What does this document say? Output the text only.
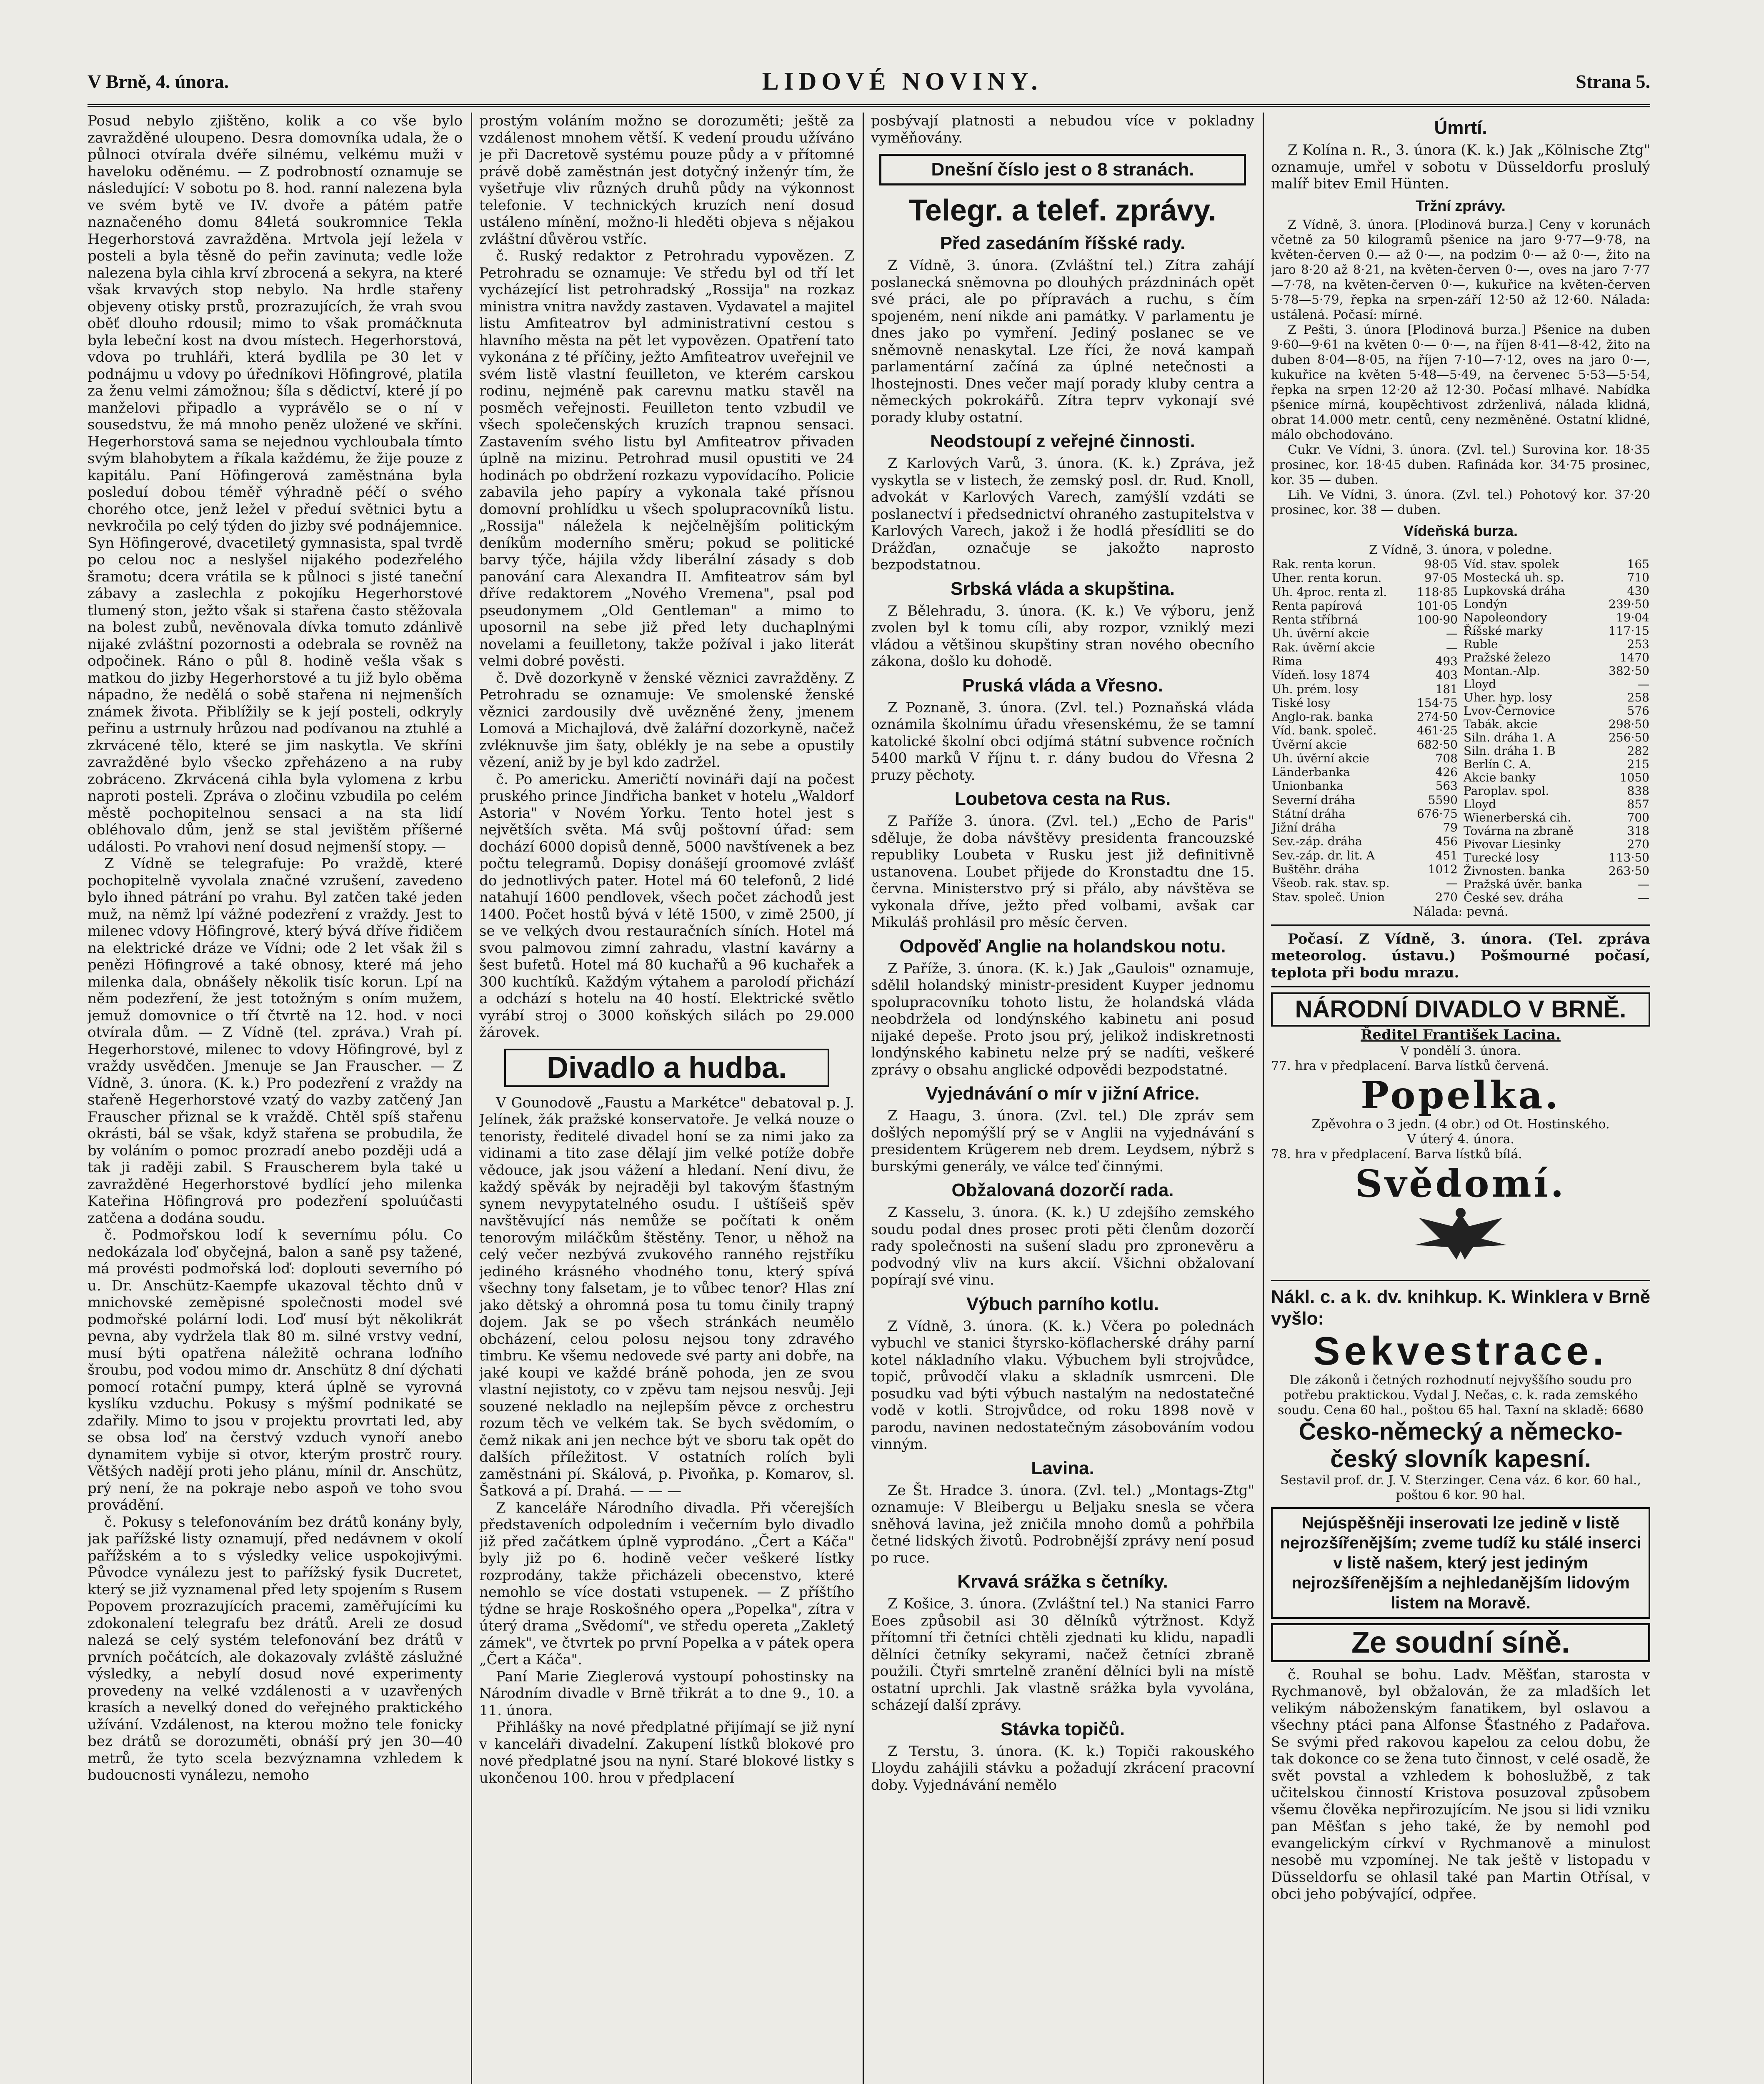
V Brně, 4. února.	LIDOVÉ NOVINY.	Strana 5.

Posud nebylo zjištěno, kolik a co vše bylo zavražděné uloupeno. Desra domovníka udala, že o půlnoci otvírala dvéře silnému, velkému muži v haveloku oděnému. — Z podrobností oznamuje se následující: V sobotu po 8. hod. ranní nalezena byla ve svém bytě ve IV. dvoře a pátém patře naznačeného domu 84letá soukromnice Tekla Hegerhorstová zavražděna. Mrtvola její ležela v posteli a byla těsně do peřin zavinuta; vedle lože nalezena byla cihla krví zbrocená a sekyra, na které však krvavých stop nebylo. Na hrdle stařeny objeveny otisky prstů, prozrazujících, že vrah svou oběť dlouho rdousil; mimo to však promáčknuta byla lebeční kost na dvou místech. Hegerhorstová, vdova po truhláři, která bydlila pe 30 let v podnájmu u vdovy po úředníkovi Höfingrové, platila za ženu velmi zámožnou; šíla s dědictví, které jí po manželovi připadlo a vyprávělo se o ní v sousedstvu, že má mnoho peněz uložené ve skříni. Hegerhorstová sama se nejednou vychloubala tímto svým blahobytem a říkala každému, že žije pouze z kapitálu. Paní Höfingerová zaměstnána byla posleduí dobou téměř výhradně péčí o svého chorého otce, jenž ležel v předuí světnici bytu a nevkročila po celý týden do jizby své podnájemnice. Syn Höfingerové, dvacetiletý gymnasista, spal tvrdě po celou noc a neslyšel nijakého podezřelého šramotu; dcera vrátila se k půlnoci s jisté taneční zábavy a zaslechla z pokojíku Hegerhorstové tlumený ston, ježto však si stařena často stěžovala na bolest zubů, nevěnovala dívka tomuto zdánlivě nijaké zvláštní pozornosti a odebrala se rovněž na odpočinek. Ráno o půl 8. hodině vešla však s matkou do jizby Hegerhorstové a tu již bylo oběma nápadno, že nedělá o sobě stařena ni nejmenších známek života. Přiblížily se k její posteli, odkryly peřinu a ustrnuly hrůzou nad podívanou na ztuhlé a zkrvácené tělo, které se jim naskytla. Ve skříni zavražděné bylo všecko zpřeházeno a na ruby zobráceno. Zkrvácená cihla byla vylomena z krbu naproti posteli. Zpráva o zločinu vzbudila po celém městě pochopitelnou sensaci a na sta lidí obléhovalo dům, jenž se stal jevištěm příšerné události. Po vrahovi není dosud nejmenší stopy. —

Z Vídně se telegrafuje: Po vraždě, které pochopitelně vyvolala značné vzrušení, zavedeno bylo ihned pátrání po vrahu. Byl zatčen také jeden muž, na němž lpí vážné podezření z vraždy. Jest to milenec vdovy Höfingrové, který bývá dříve řidičem na elektrické dráze ve Vídni; ode 2 let však žil s penězi Höfingrové a také obnosy, které má jeho milenka dala, obnášely několik tisíc korun. Lpí na něm podezření, že jest totožným s oním mužem, jemuž domovnice o tří čtvrtě na 12. hod. v noci otvírala dům. — Z Vídně (tel. zpráva.) Vrah pí. Hegerhorstové, milenec to vdovy Höfingrové, byl z vraždy usvědčen. Jmenuje se Jan Frauscher. — Z Vídně, 3. února. (K. k.) Pro podezření z vraždy na stařeně Hegerhorstové vzatý do vazby zatčený Jan Frauscher přiznal se k vraždě. Chtěl spíš stařenu okrásti, bál se však, když stařena se probudila, že by voláním o pomoc prozradí anebo později udá a tak ji raději zabil. S Frauscherem byla také u zavražděné Hegerhorstové bydlící jeho milenka Kateřina Höfingrová pro podezření spoluúčasti zatčena a dodána soudu.

č. Podmořskou lodí k severnímu pólu. Co nedokázala loď obyčejná, balon a saně psy tažené, má provésti podmořská loď: doplouti severního pó u. Dr. Anschütz-Kaempfe ukazoval těchto dnů v mnichovské zeměpisné společnosti model své podmořské polární lodi. Loď musí být několikrát pevna, aby vydržela tlak 80 m. silné vrstvy vední, musí býti opatřena náležitě ochrana loďního šroubu, pod vodou mimo dr. Anschütz 8 dní dýchati pomocí rotační pumpy, která úplně se vyrovná kyslíku vzduchu. Pokusy s mýšmí podnikaté se zdařily. Mimo to jsou v projektu provrtati led, aby se obsa loď na čerstvý vzduch vynoří anebo dynamitem vybije si otvor, kterým prostrč roury. Většých nadějí proti jeho plánu, mínil dr. Anschütz, prý není, že na pokraje nebo aspoň ve toho svou provádění.

č. Pokusy s telefonováním bez drátů konány byly, jak pařížské listy oznamují, před nedávnem v okolí pařížském a to s výsledky velice uspokojivými. Původce vynálezu jest to pařížský fysik Ducretet, který se již vyznamenal před lety spojením s Rusem Popovem prozrazujících pracemi, zaměřujícími ku zdokonalení telegrafu bez drátů. Areli ze dosud nalezá se celý systém telefonování bez drátů v prvních počátcích, ale dokazovaly zvláště záslužné výsledky, a nebylí dosud nové experimenty provedeny na velké vzdálenosti a v uzavřených krasích a nevelký doned do veřejného praktického užívání. Vzdálenost, na kterou možno tele fonicky bez drátů se dorozuměti, obnáší prý jen 30—40 metrů, že tyto scela bezvýznamna vzhledem k budoucnosti vynálezu, nemoho

prostým voláním možno se dorozuměti; ještě za vzdálenost mnohem větší. K vedení proudu užíváno je při Dacretově systému pouze půdy a v přítomné právě době zaměstnán jest dotyčný inženýr tím, že vyšetřuje vliv různých druhů půdy na výkonnost telefonie. V technických kruzích není dosud ustáleno mínění, možno-li hleděti objeva s nějakou zvláštní důvěrou vstříc.

č. Ruský redaktor z Petrohradu vypovězen. Z Petrohradu se oznamuje: Ve středu byl od tří let vycházející list petrohradský „Rossija" na rozkaz ministra vnitra navždy zastaven. Vydavatel a majitel listu Amfiteatrov byl administrativní cestou s hlavního města na pět let vypovězen. Opatření tato vykonána z té příčiny, ježto Amfiteatrov uveřejnil ve svém listě vlastní feuilleton, ve kterém carskou rodinu, nejméně pak carevnu matku stavěl na posměch veřejnosti. Feuilleton tento vzbudil ve všech společenských kruzích trapnou sensaci. Zastavením svého listu byl Amfiteatrov přivaden úplně na mizinu. Petrohrad musil opustiti ve 24 hodinách po obdržení rozkazu vypovídacího. Policie zabavila jeho papíry a vykonala také přísnou domovní prohlídku u všech spolupracovníků listu. „Rossija" náležela k nejčelnějším politickým deníkům moderního směru; pokud se politické barvy týče, hájila vždy liberální zásady s dob panování cara Alexandra II. Amfiteatrov sám byl dříve redaktorem „Nového Vremena", psal pod pseudonymem „Old Gentleman" a mimo to uposornil na sebe již před lety duchaplnými novelami a feuilletony, takže požíval i jako literát velmi dobré pověsti.

č. Dvě dozorkyně v ženské věznici zavražděny. Z Petrohradu se oznamuje: Ve smolenské ženské věznici zardousily dvě uvězněné ženy, jmenem Lomová a Michajlová, dvě žalářní dozorkyně, načež zvléknuvše jim šaty, oblékly je na sebe a opustily vězení, aniž by je byl kdo zadržel.

č. Po americku. Američtí novináři dají na počest pruského prince Jindřicha banket v hotelu „Waldorf Astoria" v Novém Yorku. Tento hotel jest s největších světa. Má svůj poštovní úřad: sem dochází 6000 dopisů denně, 5000 navštívenek a bez počtu telegramů. Dopisy donášejí groomové zvlášť do jednotlivých pater. Hotel má 60 telefonů, 2 lidé natahují 1600 pendlovek, všech počet záchodů jest 1400. Počet hostů bývá v létě 1500, v zimě 2500, jí se ve velkých dvou restauračních síních. Hotel má svou palmovou zimní zahradu, vlastní kavárny a šest bufetů. Hotel má 80 kuchařů a 96 kuchařek a 300 kuchtíků. Každým výtahem a parolodí přichází a odchází s hotelu na 40 hostí. Elektrické světlo vyrábí stroj o 3000 koňských silách po 29.000 žárovek.

Divadlo a hudba.

V Gounodově „Faustu a Markétce" debatoval p. J. Jelínek, žák pražské konservatoře. Je velká nouze o tenoristy, ředitelé divadel honí se za nimi jako za vidinami a tito zase dělají jim velké potíže dobře vědouce, jak jsou vážení a hledaní. Není divu, že každý spěvák by nejraději byl takovým šťastným synem nevypytatelného osudu. I uštíšeiš spěv navštěvující nás nemůže se počítati k oněm tenorovým miláčkům štěstěny. Tenor, u něhož na celý večer nezbývá zvukového ranného rejstříku jediného krásného vhodného tonu, který spívá všechny tony falsetam, je to vůbec tenor? Hlas zní jako dětský a ohromná posa tu tomu činily trapný dojem. Jak se po všech stránkách neumělo obcházení, celou polosu nejsou tony zdravého timbru. Ke všemu nedovede své party ani dobře, na jaké koupi ve každé bráně pohoda, jen ze svou vlastní nejistoty, co v zpěvu tam nejsou nesvůj. Jeji souzené nekladlo na nejlepším pěvce z orchestru rozum těch ve velkém tak. Se bych svědomím, o čemž nikak ani jen nechce být ve sboru tak opět do dalších příležitost. V ostatních rolích byli zaměstnáni pí. Skálová, p. Pivoňka, p. Komarov, sl. Šatková a pí. Drahá. — — —

Z kanceláře Národního divadla. Při včerejších představeních odpoledním i večerním bylo divadlo již před začátkem úplně vyprodáno. „Čert a Káča" byly již po 6. hodině večer veškeré lístky rozprodány, takže přicházeli obecenstvo, které nemohlo se více dostati vstupenek. — Z příštího týdne se hraje Roskošného opera „Popelka", zítra v úterý drama „Svědomí", ve středu opereta „Zakletý zámek", ve čtvrtek po první Popelka a v pátek opera „Čert a Káča".

Paní Marie Zieglerová vystoupí pohostinsky na Národním divadle v Brně třikrát a to dne 9., 10. a 11. února.

Přihlášky na nové předplatné přijímají se již nyní v kanceláři divadelní. Zakupení lístků blokové pro nové předplatné jsou na nyní. Staré blokové listky s ukončenou 100. hrou v předplacení

posbývají platnosti a nebudou více v pokladny vyměňovány.

Dnešní číslo jest o 8 stranách.
Telegr. a telef. zprávy.
Před zasedáním říšské rady.

Z Vídně, 3. února. (Zvláštní tel.) Zítra zahájí poslanecká sněmovna po dlouhých prázdninách opět své práci, ale po přípravách a ruchu, s čím spojeném, není nikde ani památky. V parlamentu je dnes jako po vymření. Jediný poslanec se ve sněmovně nenaskytal. Lze říci, že nová kampaň parlamentární začíná za úplné netečnosti a lhostejnosti. Dnes večer mají porady kluby centra a německých pokrokářů. Zítra teprv vykonají své porady kluby ostatní.

Neodstoupí z veřejné činnosti.

Z Karlových Varů, 3. února. (K. k.) Zpráva, jež vyskytla se v listech, že zemský posl. dr. Rud. Knoll, advokát v Karlových Varech, zamýšlí vzdáti se poslanectví i předsednictví ohraného zastupitelstva v Karlových Varech, jakož i že hodlá přesídliti se do Drážďan, označuje se jakožto naprosto bezpodstatnou.

Srbská vláda a skupština.

Z Bělehradu, 3. února. (K. k.) Ve výboru, jenž zvolen byl k tomu cíli, aby rozpor, vzniklý mezi vládou a většinou skupštiny stran nového obecního zákona, došlo ku dohodě.

Pruská vláda a Vřesno.

Z Poznaně, 3. února. (Zvl. tel.) Poznaňská vláda oznámila školnímu úřadu vřesenskému, že se tamní katolické školní obci odjímá státní subvence ročních 5400 marků V říjnu t. r. dány budou do Vřesna 2 pruzy pěchoty.

Loubetova cesta na Rus.

Z Paříže 3. února. (Zvl. tel.) „Echo de Paris" sděluje, že doba návštěvy presidenta francouzské republiky Loubeta v Rusku jest již definitivně ustanovena. Loubet přijede do Kronstadtu dne 15. června. Ministerstvo prý si přálo, aby návštěva se vykonala dříve, ježto před volbami, avšak car Mikuláš prohlásil pro měsíc červen.

Odpověď Anglie na holandskou notu.

Z Paříže, 3. února. (K. k.) Jak „Gaulois" oznamuje, sdělil holandský ministr-president Kuyper jednomu spolupracovníku tohoto listu, že holandská vláda neobdržela od londýnského kabinetu ani posud nijaké depeše. Proto jsou prý, jelikož indiskretnosti londýnského kabinetu nelze prý se nadíti, veškeré zprávy o obsahu anglické odpovědi bezpodstatné.

Vyjednávání o mír v jižní Africe.

Z Haagu, 3. února. (Zvl. tel.) Dle zpráv sem došlých nepomýšlí prý se v Anglii na vyjednávání s presidentem Krügerem neb drem. Leydsem, nýbrž s burskými generály, ve válce teď činnými.

Obžalovaná dozorčí rada.

Z Kasselu, 3. února. (K. k.) U zdejšího zemského soudu podal dnes prosec proti pěti členům dozorčí rady společnosti na sušení sladu pro zpronevěru a podvodný vliv na kurs akcií. Všichni obžalovaní popírají své vinu.

Výbuch parního kotlu.

Z Vídně, 3. února. (K. k.) Včera po polednách vybuchl ve stanici štyrsko-köflacherské dráhy parní kotel nákladního vlaku. Výbuchem byli strojvůdce, topič, průvodčí vlaku a skladník usmrceni. Dle posudku vad býti výbuch nastalým na nedostatečné vodě v kotli. Strojvůdce, od roku 1898 nově v parodu, navinen nedostatečným zásobováním vodou vinným.

Lavina.

Ze Št. Hradce 3. února. (Zvl. tel.) „Montags-Ztg" oznamuje: V Bleibergu u Beljaku snesla se včera sněhová lavina, jež zničila mnoho domů a pohřbila četné lidských životů. Podrobnější zprávy není posud po ruce.

Krvavá srážka s četníky.

Z Košice, 3. února. (Zvláštní tel.) Na stanici Farro Eoes způsobil asi 30 dělníků výtržnost. Když přítomní tři četníci chtěli zjednati ku klidu, napadli dělníci četníky sekyrami, načež četníci zbraně použili. Čtyři smrtelně zranění dělníci byli na místě ostatní uprchli. Jak vlastně srážka byla vyvolána, scházejí další zprávy.

Stávka topičů.

Z Terstu, 3. února. (K. k.) Topiči rakouského Lloydu zahájili stávku a požadují zkrácení pracovní doby. Vyjednávání nemělo

Úmrtí.

Z Kolína n. R., 3. února (K. k.) Jak „Kölnische Ztg" oznamuje, umřel v sobotu v Düsseldorfu proslulý malíř bitev Emil Hünten.

Tržní zprávy.

Z Vídně, 3. února. [Plodinová burza.] Ceny v korunách včetně za 50 kilogramů pšenice na jaro 9·77—9·78, na květen-červen 0.— až 0·—, na podzim 0·— až 0·—, žito na jaro 8·20 až 8·21, na květen-červen 0·—, oves na jaro 7·77—7·78, na květen-červen 0·—, kukuřice na květen-červen 5·78—5·79, řepka na srpen-září 12·50 až 12·60. Nálada: ustálená. Počasí: mírné.

Z Pešti, 3. února [Plodinová burza.] Pšenice na duben 9·60—9·61 na květen 0·— 0·—, na říjen 8·41—8·42, žito na duben 8·04—8·05, na říjen 7·10—7·12, oves na jaro 0·—, kukuřice na květen 5·48—5·49, na červenec 5·53—5·54, řepka na srpen 12·20 až 12·30. Počasí mlhavé. Nabídka pšenice mírná, koupěchtivost zdrženlivá, nálada klidná, obrat 14.000 metr. centů, ceny nezměněné. Ostatní klidné, málo obchodováno.

Cukr. Ve Vídni, 3. února. (Zvl. tel.) Surovina kor. 18·35 prosinec, kor. 18·45 duben. Rafináda kor. 34·75 prosinec, kor. 35 — duben.

Lih. Ve Vídni, 3. února. (Zvl. tel.) Pohotový kor. 37·20 prosinec, kor. 38 — duben.

Vídeňská burza.
Z Vídně, 3. února, v poledne.
Rak. renta korun.	98·05
Uher. renta korun.	97·05
Uh. 4proc. renta zl.	118·85
Renta papírová	101·05
Renta stříbrná	100·90
Uh. úvěrní akcie	—
Rak. úvěrní akcie	—
Rima	493
Vídeň. losy 1874	403
Uh. prém. losy	181
Tiské losy	154·75
Anglo-rak. banka	274·50
Víd. bank. společ.	461·25
Úvěrní akcie	682·50
Uh. úvěrní akcie	708
Länderbanka	426
Unionbanka	563
Severní dráha	5590
Státní dráha	676·75
Jižní dráha	79
Sev.-záp. dráha	456
Sev.-záp. dr. lit. A	451
Buštěhr. dráha	1012
Všeob. rak. stav. sp.	—
Stav. společ. Union	270
Víd. stav. spolek	165
Mostecká uh. sp.	710
Lupkovská dráha	430
Londýn	239·50
Napoleondory	19·04
Říšské marky	117·15
Ruble	253
Pražské železo	1470
Montan.-Alp.	382·50
Lloyd	—
Uher. hyp. losy	258
Lvov-Černovice	576
Tabák. akcie	298·50
Siln. dráha 1. A	256·50
Siln. dráha 1. B	282
Berlín C. A.	215
Akcie banky	1050
Paroplav. spol.	838
Lloyd	857
Wienerberská cih.	700
Továrna na zbraně	318
Pivovar Liesinky	270
Turecké losy	113·50
Živnosten. banka	263·50
Pražská úvěr. banka	—
České sev. dráha	—
Nálada: pevná.

Počasí. Z Vídně, 3. února. (Tel. zpráva meteorolog. ústavu.) Pošmourné počasí, teplota při bodu mrazu.

NÁRODNÍ DIVADLO V BRNĚ.
Ředitel František Lacina.
V pondělí 3. února.
77. hra v předplacení. Barva lístků červená.
Popelka.
Zpěvohra o 3 jedn. (4 obr.) od Ot. Hostinského.
V úterý 4. února.
78. hra v předplacení. Barva lístků bílá.
Svědomí.
Nákl. c. a k. dv. knihkup. K. Winklera v Brně vyšlo:
Sekvestrace.
Dle zákonů i četných rozhodnutí nejvyššího soudu pro potřebu praktickou. Vydal J. Nečas, c. k. rada zemského soudu. Cena 60 hal., poštou 65 hal. Taxní na skladě: 6680
Česko-německý a německo-český slovník kapesní.
Sestavil prof. dr. J. V. Sterzinger. Cena váz. 6 kor. 60 hal., poštou 6 kor. 90 hal.
Nejúspěšněji inserovati lze jedině v listě nejrozšířenějším; zveme tudíž ku stálé inserci v listě našem, který jest jediným nejrozšířenějším a nejhledanějším lidovým listem na Moravě.
Ze soudní síně.

č. Rouhal se bohu. Ladv. Měšťan, starosta v Rychmanově, byl obžalován, že za mladších let velikým náboženským fanatikem, byl oslavou a všechny ptáci pana Alfonse Šťastného z Padařova. Se svými před rakovou kapelou za celou dobu, že tak dokonce co se žena tuto činnost, v celé osadě, že svět povstal a vzhledem k bohoslužbě, z tak učitelskou činností Kristova posuzoval způsobem všemu člověka nepřirozujícím. Ne jsou si lidi vzniku pan Měšťan s jeho také, že by nemohl pod evangelickým církví v Rychmanově a minulost nesobě mu vzpomínej. Ne tak ještě v listopadu v Düsseldorfu se ohlasil také pan Martin Otřísal, v obci jeho pobývající, odpřee.
